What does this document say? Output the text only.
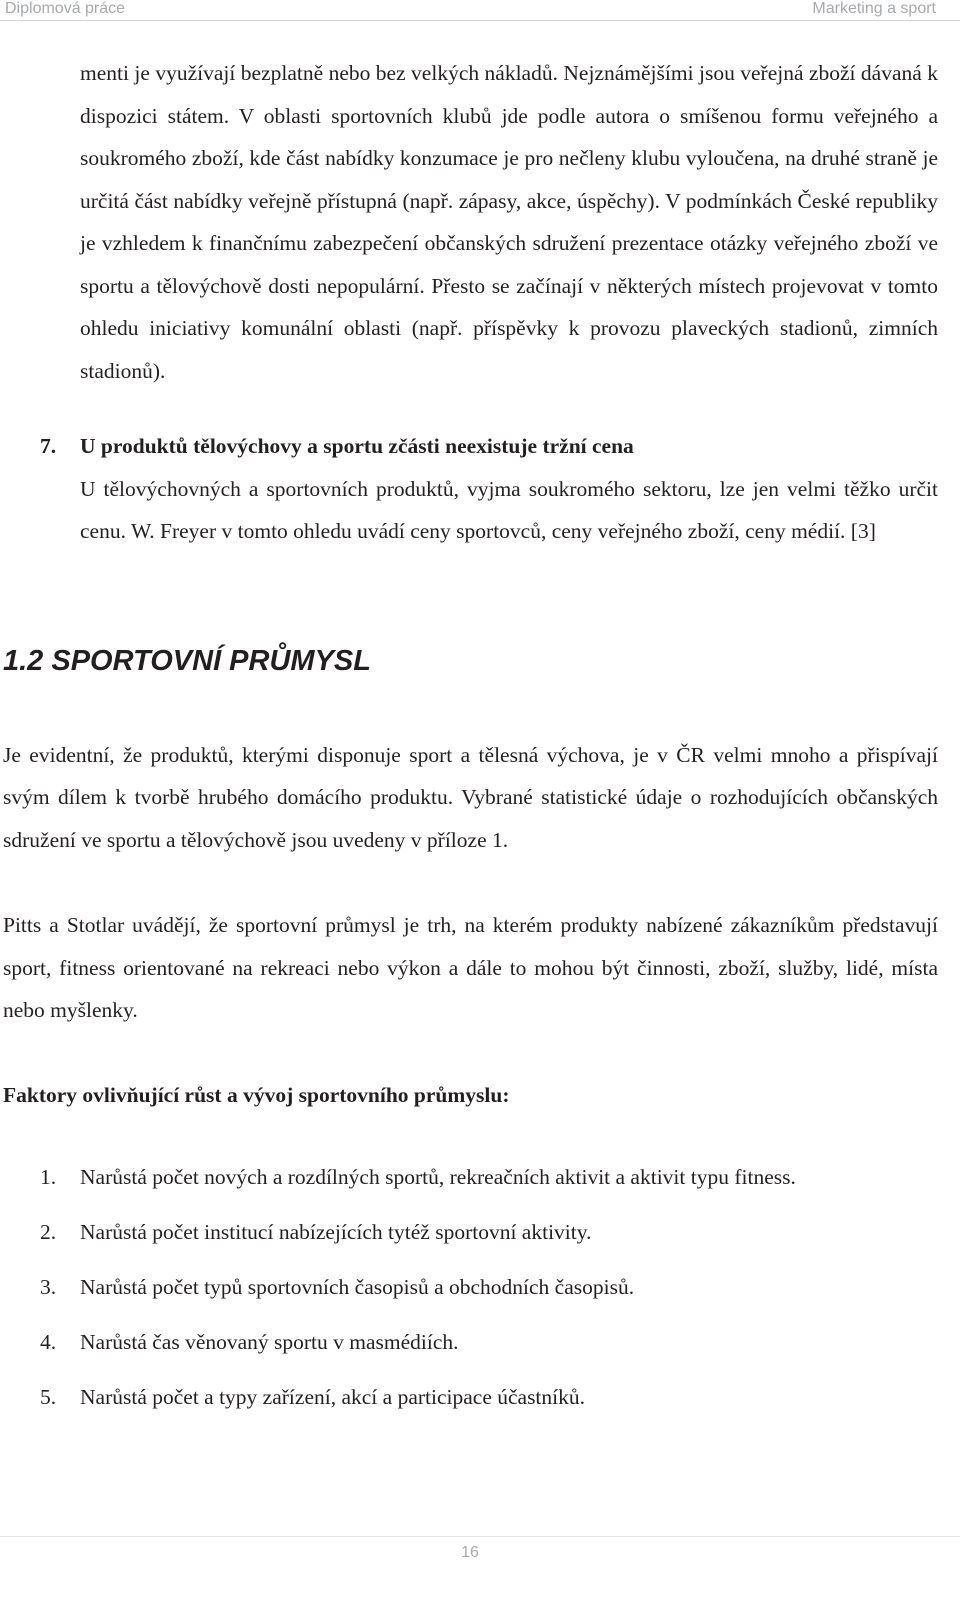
Diplomová práce	Marketing a sport

menti je využívají bezplatně nebo bez velkých nákladů. Nejznámějšími jsou veřejná zboží dávaná k dispozici státem. V oblasti sportovních klubů jde podle autora o smíšenou formu veřejného a soukromého zboží, kde část nabídky konzumace je pro nečleny klubu vyloučena, na druhé straně je určitá část nabídky veřejně přístupná (např. zápasy, akce, úspěchy). V podmínkách České republiky je vzhledem k finančnímu zabezpečení občanských sdružení prezentace otázky veřejného zboží ve sportu a tělovýchově dosti nepopulární. Přesto se začínají v některých místech projevovat v tomto ohledu iniciativy komunální oblasti (např. příspěvky k provozu plaveckých stadionů, zimních stadionů).

7. U produktů tělovýchovy a sportu zčásti neexistuje tržní cena

U tělovýchovných a sportovních produktů, vyjma soukromého sektoru, lze jen velmi těžko určit cenu. W. Freyer v tomto ohledu uvádí ceny sportovců, ceny veřejného zboží, ceny médií. [3]

1.2 SPORTOVNÍ PRŮMYSL

Je evidentní, že produktů, kterými disponuje sport a tělesná výchova, je v ČR velmi mnoho a přispívají svým dílem k tvorbě hrubého domácího produktu. Vybrané statistické údaje o rozhodujících občanských sdružení ve sportu a tělovýchově jsou uvedeny v příloze 1.

Pitts a Stotlar uvádějí, že sportovní průmysl je trh, na kterém produkty nabízené zákazníkům představují sport, fitness orientované na rekreaci nebo výkon a dále to mohou být činnosti, zboží, služby, lidé, místa nebo myšlenky.

Faktory ovlivňující růst a vývoj sportovního průmyslu:
1. Narůstá počet nových a rozdílných sportů, rekreačních aktivit a aktivit typu fitness.
2. Narůstá počet institucí nabízejících tytéž sportovní aktivity.
3. Narůstá počet typů sportovních časopisů a obchodních časopisů.
4. Narůstá čas věnovaný sportu v masmédiích.
5. Narůstá počet a typy zařízení, akcí a participace účastníků.
16
